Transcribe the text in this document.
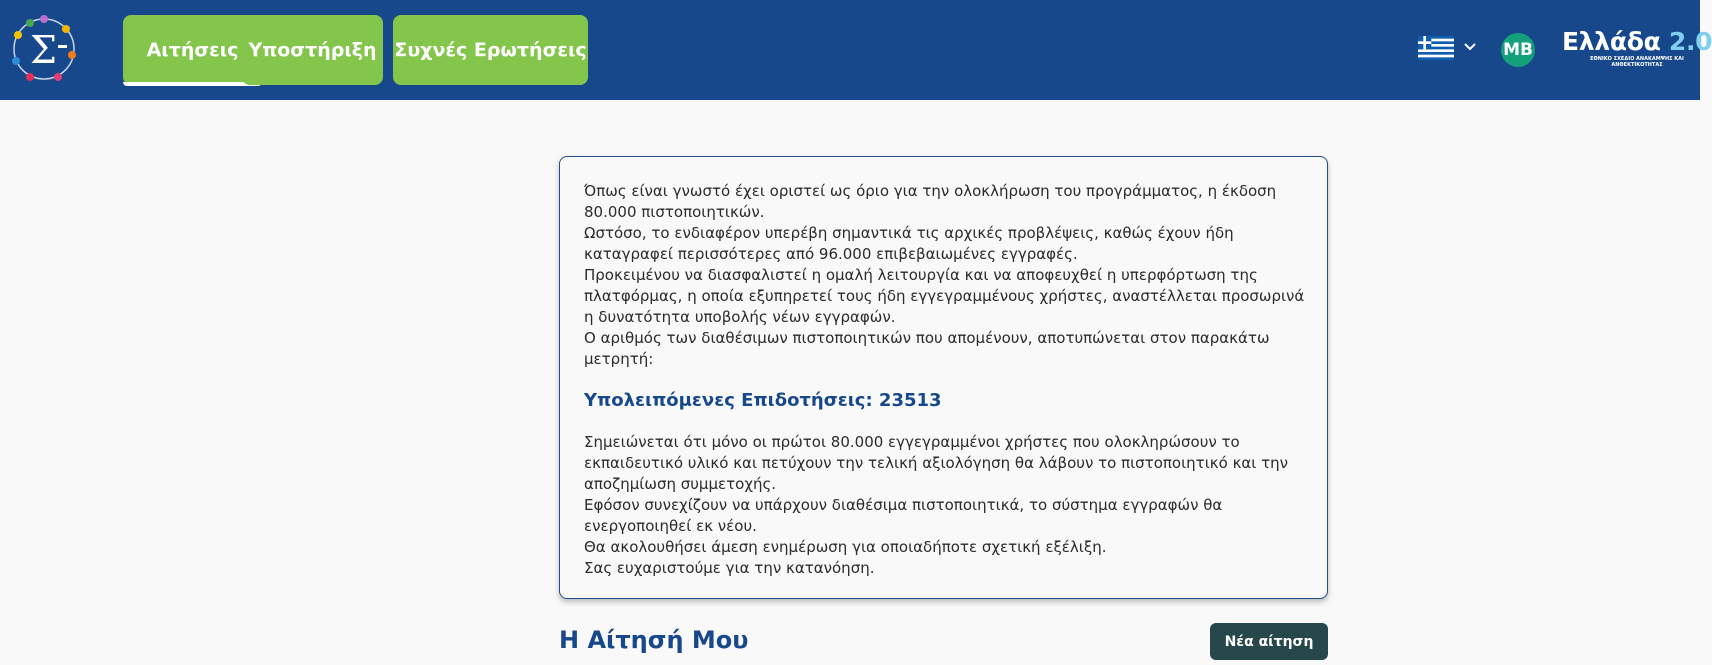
Σ	Αιτήσεις Υποστήριξη Συχνές Ερωτήσεις	MB Ελλάδα 2.0
ΕΘΝΙΚΟ ΣΧΕΔΙΟ ΑΝΑΚΑΜΨΗΣ ΚΑΙ ΑΝΘΕΚΤΙΚΟΤΗΤΑΣ

Όπως είναι γνωστό έχει οριστεί ως όριο για την ολοκλήρωση του προγράμματος, η έκδοση 80.000 πιστοποιητικών.

Ωστόσο, το ενδιαφέρον υπερέβη σημαντικά τις αρχικές προβλέψεις, καθώς έχουν ήδη καταγραφεί περισσότερες από 96.000 επιβεβαιωμένες εγγραφές.

Προκειμένου να διασφαλιστεί η ομαλή λειτουργία και να αποφευχθεί η υπερφόρτωση της πλατφόρμας, η οποία εξυπηρετεί τους ήδη εγγεγραμμένους χρήστες, αναστέλλεται προσωρινά η δυνατότητα υποβολής νέων εγγραφών.

Ο αριθμός των διαθέσιμων πιστοποιητικών που απομένουν, αποτυπώνεται στον παρακάτω μετρητή:

Υπολειπόμενες Επιδοτήσεις: 23513

Σημειώνεται ότι μόνο οι πρώτοι 80.000 εγγεγραμμένοι χρήστες που ολοκληρώσουν το εκπαιδευτικό υλικό και πετύχουν την τελική αξιολόγηση θα λάβουν το πιστοποιητικό και την αποζημίωση συμμετοχής.

Εφόσον συνεχίζουν να υπάρχουν διαθέσιμα πιστοποιητικά, το σύστημα εγγραφών θα ενεργοποιηθεί εκ νέου.

Θα ακολουθήσει άμεση ενημέρωση για οποιαδήποτε σχετική εξέλιξη.

Σας ευχαριστούμε για την κατανόηση.

Η Αίτησή Μου	Νέα αίτηση
